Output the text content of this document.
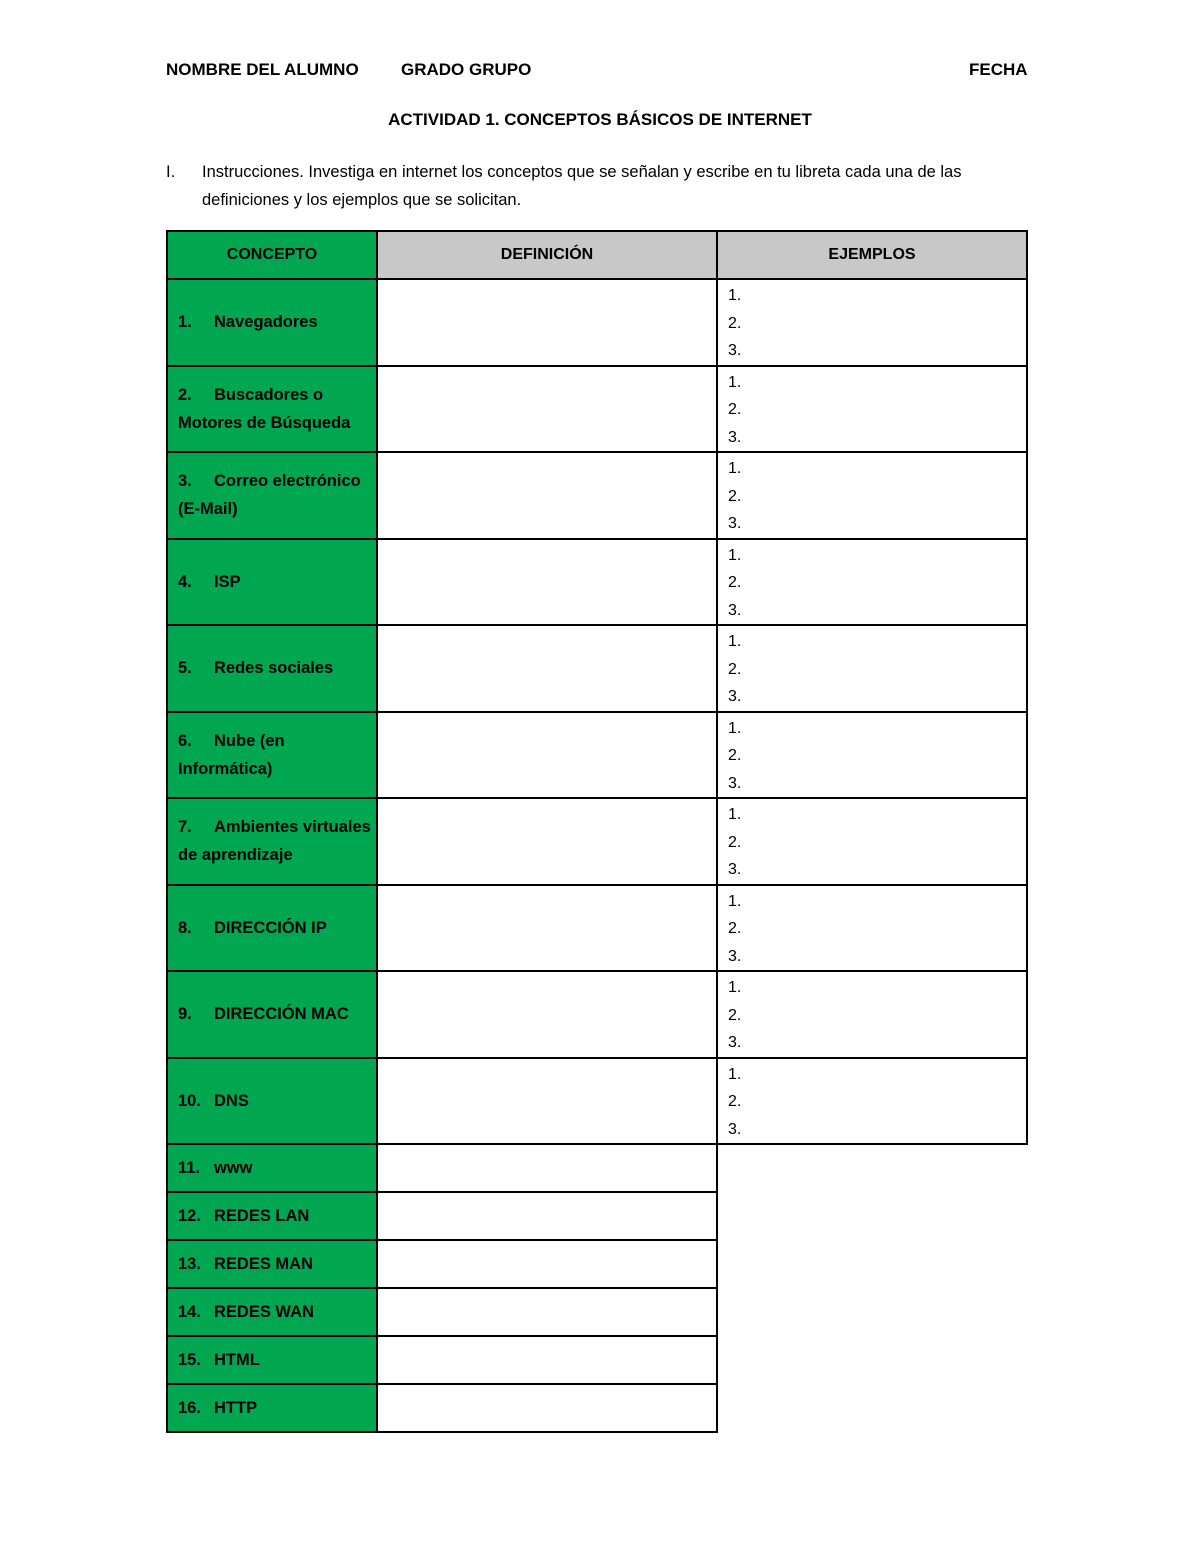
NOMBRE DEL ALUMNO GRADO GRUPO	FECHA
ACTIVIDAD 1. CONCEPTOS BÁSICOS DE INTERNET
I. Instrucciones. Investiga en internet los conceptos que se señalan y escribe en tu libreta cada una de las definiciones y los ejemplos que se solicitan.
CONCEPTO	DEFINICIÓN	EJEMPLOS
1. Navegadores		1.
2.
3.

2. Buscadores o Motores de Búsqueda		1.
2.
3.

3. Correo electrónico (E-Mail)		1.
2.
3.

4. ISP		1.
2.
3.

5. Redes sociales		1.
2.
3.

6. Nube (en Informática)		1.
2.
3.

7. Ambientes virtuales de aprendizaje		1.
2.
3.

8. DIRECCIÓN IP		1.
2.
3.

9. DIRECCIÓN MAC		1.
2.
3.

10. DNS		1.
2.
3.

11. www		
12. REDES LAN		
13. REDES MAN		
14. REDES WAN		
15. HTML		
16. HTTP		
